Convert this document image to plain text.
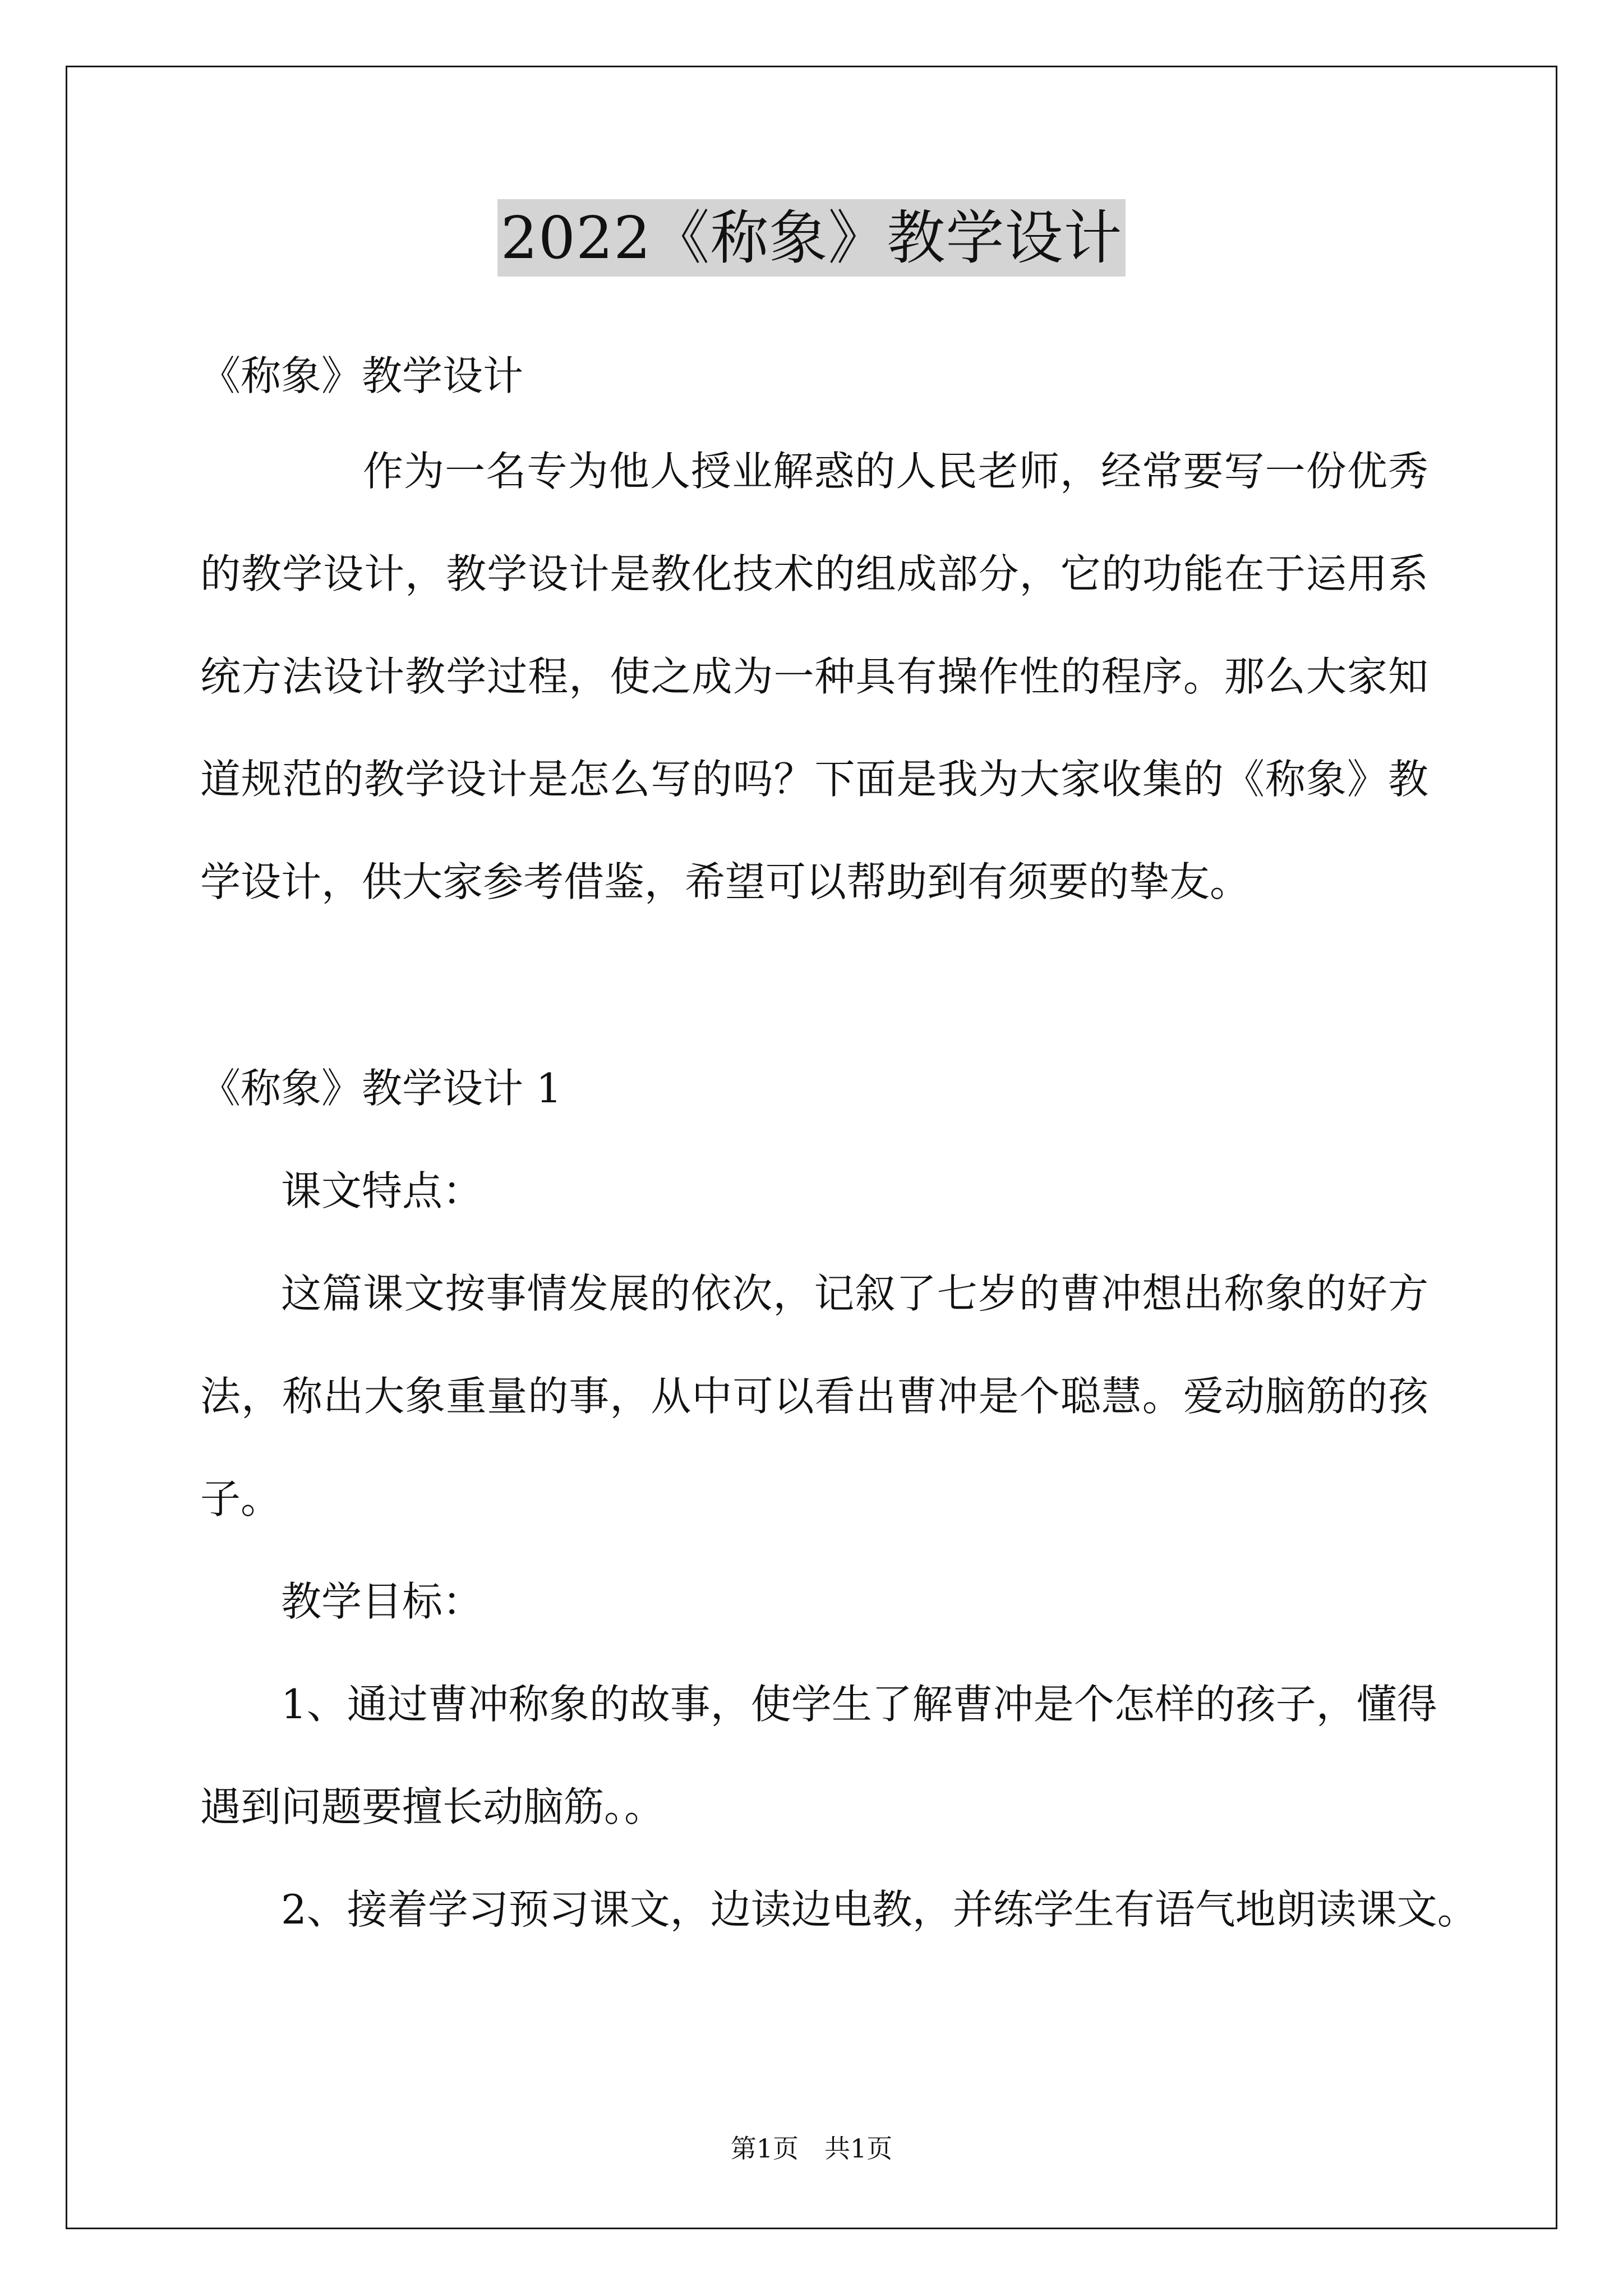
2022《称象》教学设计
《称象》教学设计
作为一名专为他人授业解惑的人民老师，经常要写一份优秀
的教学设计，教学设计是教化技术的组成部分，它的功能在于运用系
统方法设计教学过程，使之成为一种具有操作性的程序。那么大家知
道规范的教学设计是怎么写的吗？下面是我为大家收集的《称象》教
学设计，供大家参考借鉴，希望可以帮助到有须要的挚友。
《称象》教学设计 1
课文特点：
这篇课文按事情发展的依次，记叙了七岁的曹冲想出称象的好方
法，称出大象重量的事，从中可以看出曹冲是个聪慧。爱动脑筋的孩
子。
教学目标：
1、通过曹冲称象的故事，使学生了解曹冲是个怎样的孩子，懂得
遇到问题要擅长动脑筋。。
2、接着学习预习课文，边读边电教，并练学生有语气地朗读课文。
第1页　共1页
